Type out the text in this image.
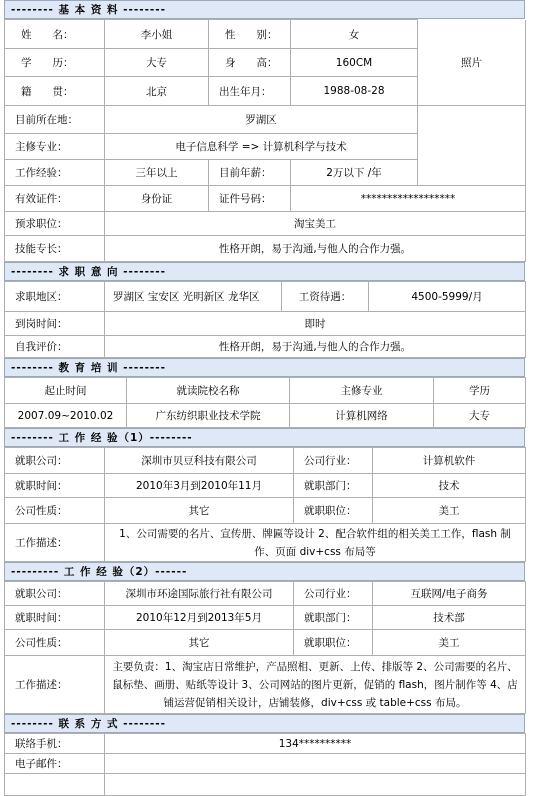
-------- 基 本 资 料 --------
姓　　名：	李小姐	性　　别：	女	照片
学　　历：	大专	身　　高：	160CM	
籍　　贯：	北京	出生年月：	1988-08-28	
目前所在地：	罗湖区			
主修专业：	电子信息科学 => 计算机科学与技术			
工作经验：	三年以上	目前年薪：	2万以下 /年	
有效证件：	身份证	证件号码：	******************	
预求职位：	淘宝美工			
技能专长：	性格开朗，易于沟通,与他人的合作力强。			
-------- 求 职 意 向 --------
求职地区：	罗湖区 宝安区 光明新区 龙华区	工资待遇：	4500-5999/月
到岗时间：	即时		
自我评价：	性格开朗，易于沟通,与他人的合作力强。		
-------- 教 育 培 训 --------
起止时间	就读院校名称	主修专业	学历
2007.09~2010.02	广东纺织职业技术学院	计算机网络	大专
-------- 工 作 经 验（1）--------
就职公司：	深圳市贝豆科技有限公司	公司行业：	计算机软件
就职时间：	2010年3月到2010年11月	就职部门：	技术
公司性质：	其它	就职职位：	美工
工作描述：	1、公司需要的名片、宣传册、牌匾等设计 2、配合软件组的相关美工工作，flash 制作、页面 div+css 布局等		
--------- 工 作 经 验（2）------
就职公司：	深圳市环途国际旅行社有限公司	公司行业：	互联网/电子商务
就职时间：	2010年12月到2013年5月	就职部门：	技术部
公司性质：	其它	就职职位：	美工
工作描述：	主要负责：1、淘宝店日常维护，产品照相、更新、上传、排版等 2、公司需要的名片、鼠标垫、画册、贴纸等设计 3、公司网站的图片更新，促销的 flash，图片制作等 4、店铺运营促销相关设计，店铺装修，div+css 或 table+css 布局。		
-------- 联 系 方 式 --------
联络手机：	134**********
电子邮件：	
